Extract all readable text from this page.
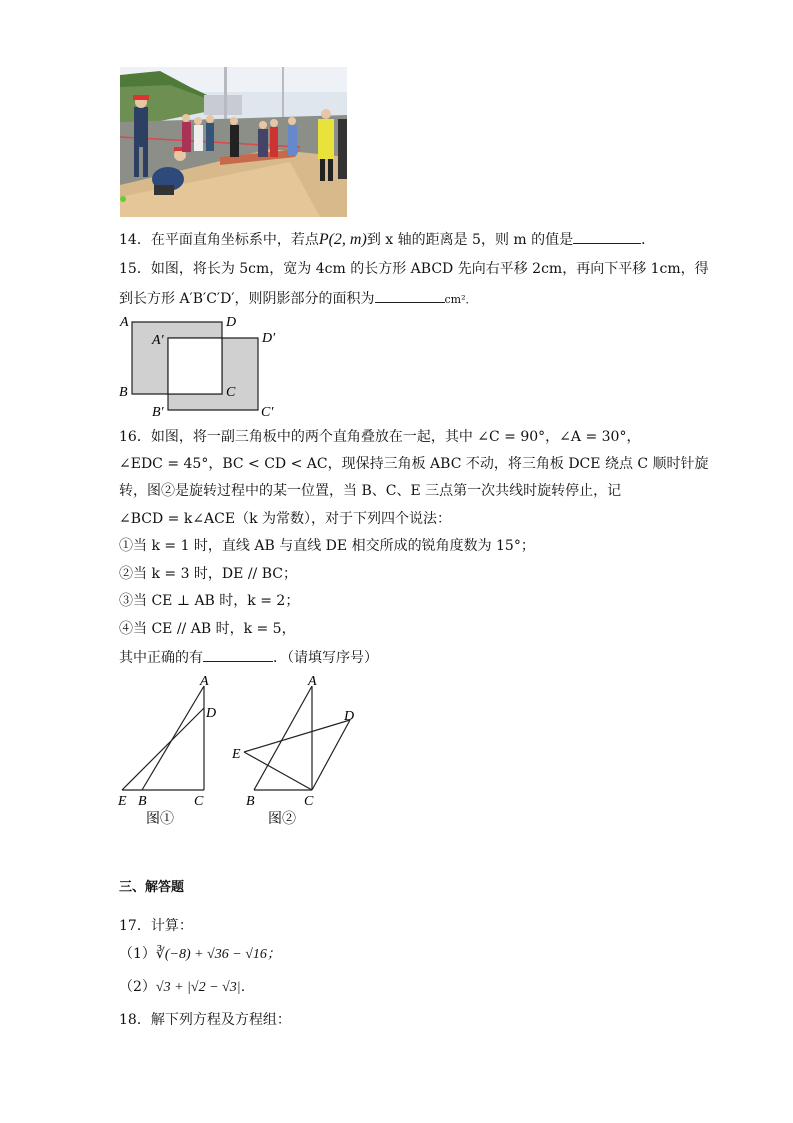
14．在平面直角坐标系中，若点P(2, m)到 x 轴的距离是 5，则 m 的值是	．
15．如图，将长为 5cm，宽为 4cm 的长方形 ABCD 先向右平移 2cm，再向下平移 1cm，得
到长方形 A′B′C′D′，则阴影部分的面积为	cm²．
A	D
A′	D′
B	C
B′	C′
16．如图，将一副三角板中的两个直角叠放在一起，其中 ∠C = 90°，∠A = 30°，
∠EDC = 45°，BC < CD < AC，现保持三角板 ABC 不动，将三角板 DCE 绕点 C 顺时针旋
转，图②是旋转过程中的某一位置，当 B、C、E 三点第一次共线时旋转停止，记
∠BCD = k∠ACE（k 为常数），对于下列四个说法：
①当 k = 1 时，直线 AB 与直线 DE 相交所成的锐角度数为 15°；
②当 k = 3 时，DE // BC；
③当 CE ⊥ AB 时，k = 2；
④当 CE // AB 时，k = 5，
其中正确的有	．（请填写序号）
A
D
E B	C
图①
A
D
E
B	C
图②
三、解答题
17．计算：
（1）∛(−8) + √36 − √16；
（2）√3 + |√2 − √3|．
18．解下列方程及方程组：
